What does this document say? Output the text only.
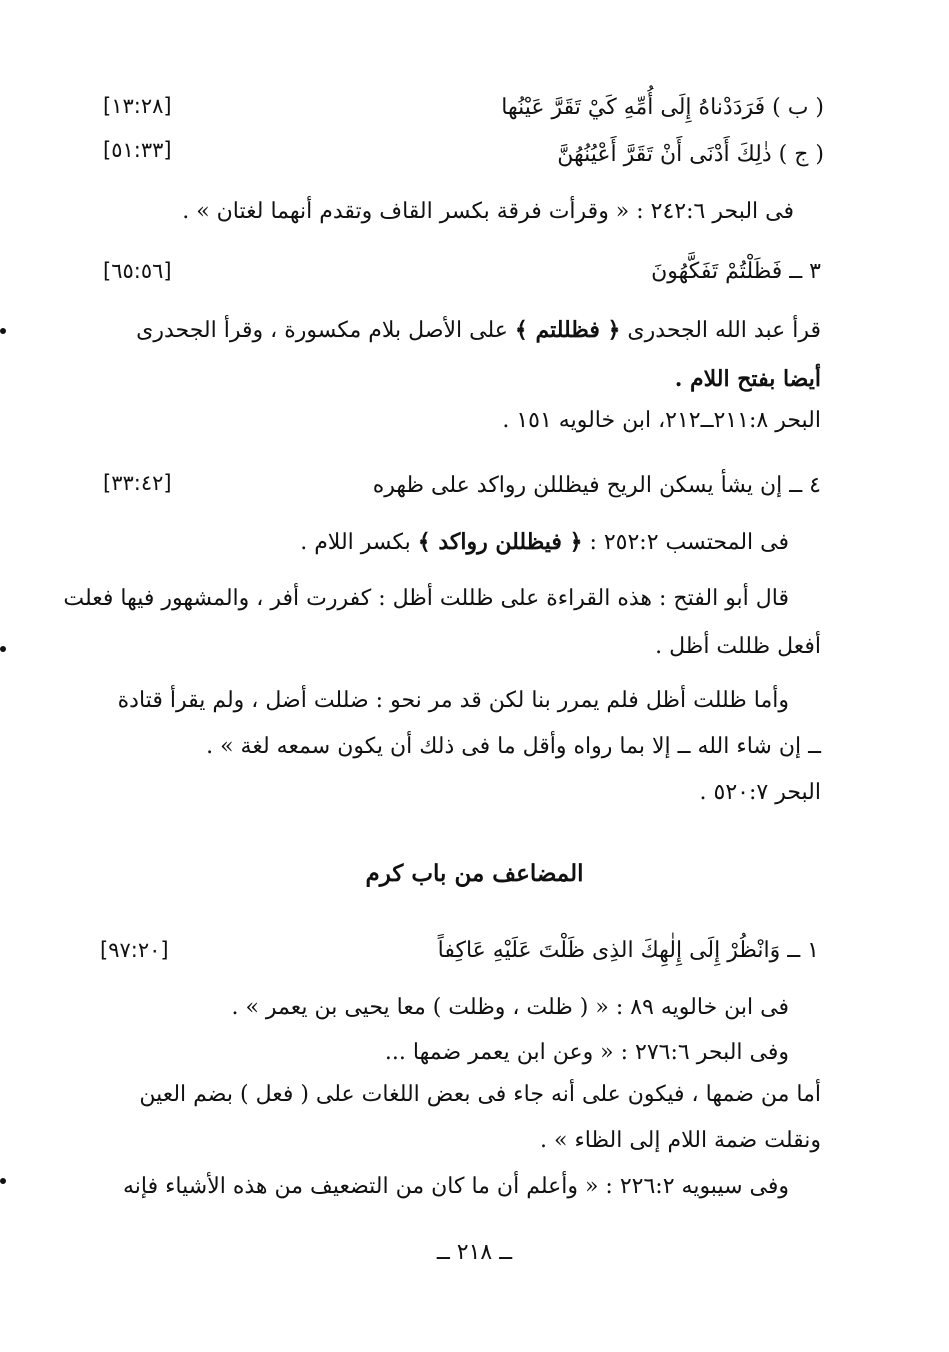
( ب ) فَرَدَدْناهُ إِلَى أُمِّهِ كَيْ تَقَرَّ عَيْنُها
[١٣:٢٨]
( ج ) ذٰلِكَ أَدْنَى أَنْ تَقَرَّ أَعْيُنُهُنَّ
[٥١:٣٣]
فى البحر ٢٤٢:٦ : « وقرأت فرقة بكسر القاف وتقدم أنهما لغتان » .
٣ ــ فَظَلْتُمْ تَفَكَّهُونَ
[٦٥:٥٦]
قرأ عبد الله الجحدرى ﴿ فظللتم ﴾ على الأصل بلام مكسورة ، وقرأ الجحدرى
أيضا بفتح اللام .
البحر ٢١١:٨ــ٢١٢، ابن خالويه ١٥١ .
٤ ــ إن يشأ يسكن الريح فيظللن رواكد على ظهره
[٣٣:٤٢]
فى المحتسب ٢٥٢:٢ : ﴿ فيظللن رواكد ﴾ بكسر اللام .
قال أبو الفتح : هذه القراءة على ظللت أظل : كفررت أفر ، والمشهور فيها فعلت
أفعل ظللت أظل .
وأما ظللت أظل فلم يمرر بنا لكن قد مر نحو : ضللت أضل ، ولم يقرأ قتادة
ــ إن شاء الله ــ إلا بما رواه وأقل ما فى ذلك أن يكون سمعه لغة » .
البحر ٥٢٠:٧ .
المضاعف من باب كرم
١ ــ وَانْظُرْ إِلَى إِلٰهِكَ الذِى ظَلْتَ عَلَيْهِ عَاكِفاً
[٩٧:٢٠]
فى ابن خالويه ٨٩ : « ( ظلت ، وظلت ) معا يحيى بن يعمر » .
وفى البحر ٢٧٦:٦ : « وعن ابن يعمر ضمها ...
أما من ضمها ، فيكون على أنه جاء فى بعض اللغات على ( فعل ) بضم العين
ونقلت ضمة اللام إلى الظاء » .
وفى سيبويه ٢٢٦:٢ : « وأعلم أن ما كان من التضعيف من هذه الأشياء فإنه
ــ ٢١٨ ــ
